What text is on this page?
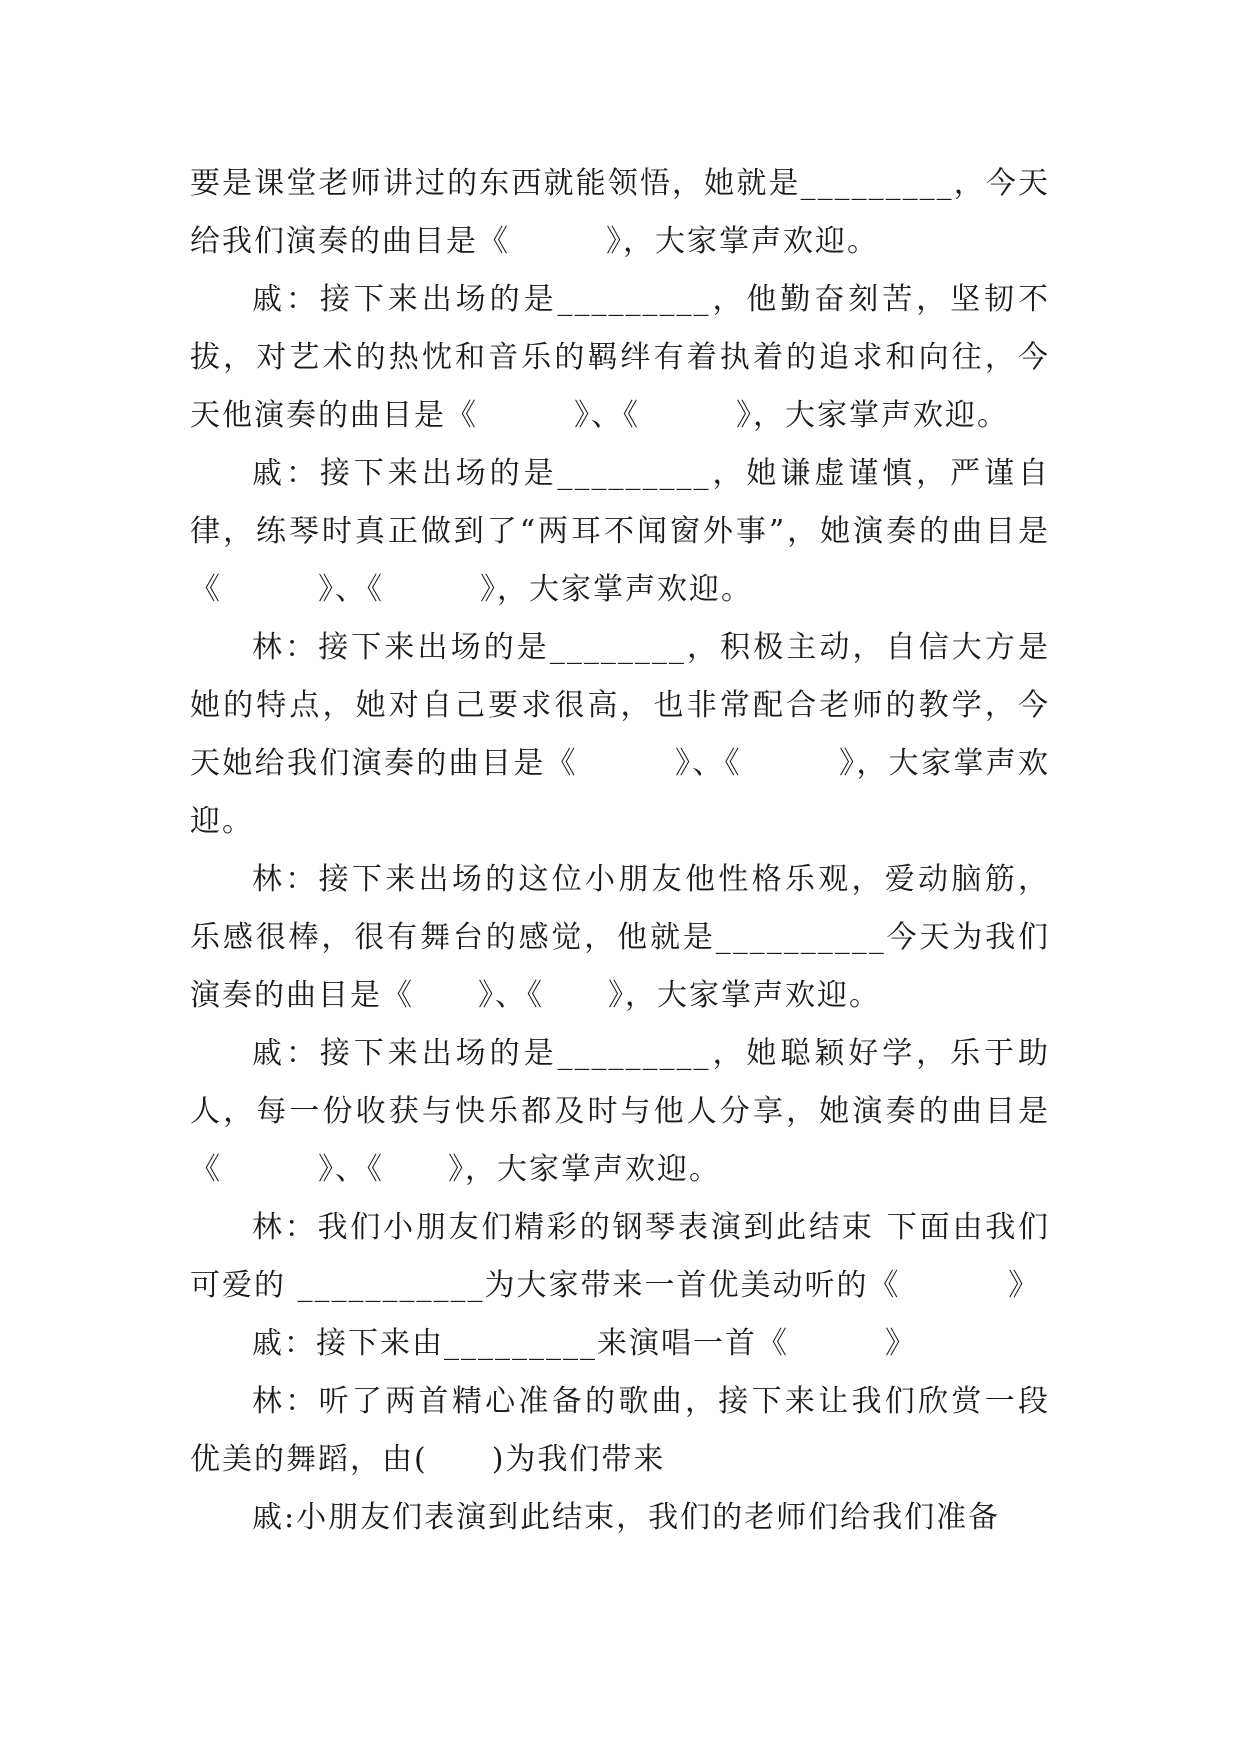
要是课堂老师讲过的东西就能领悟，她就是_________，今天给我们演奏的曲目是《　　　》，大家掌声欢迎。

戚：接下来出场的是_________，他勤奋刻苦，坚韧不拔，对艺术的热忱和音乐的羁绊有着执着的追求和向往，今天他演奏的曲目是《　　　》、《　　　》，大家掌声欢迎。

戚：接下来出场的是_________，她谦虚谨慎，严谨自律，练琴时真正做到了“两耳不闻窗外事”，她演奏的曲目是《　　　》、《　　　》，大家掌声欢迎。

林：接下来出场的是________，积极主动，自信大方是她的特点，她对自己要求很高，也非常配合老师的教学，今天她给我们演奏的曲目是《　　　》、《　　　》，大家掌声欢迎。

林：接下来出场的这位小朋友他性格乐观，爱动脑筋，乐感很棒，很有舞台的感觉，他就是__________今天为我们演奏的曲目是《　　》、《　　》，大家掌声欢迎。

戚：接下来出场的是_________，她聪颖好学，乐于助人，每一份收获与快乐都及时与他人分享，她演奏的曲目是《　　　》、《　　》，大家掌声欢迎。

林：我们小朋友们精彩的钢琴表演到此结束 下面由我们可爱的 ___________为大家带来一首优美动听的《　　　 》

戚：接下来由_________来演唱一首《　　　》

林：听了两首精心准备的歌曲，接下来让我们欣赏一段优美的舞蹈，由(　　)为我们带来

戚:小朋友们表演到此结束，我们的老师们给我们准备
